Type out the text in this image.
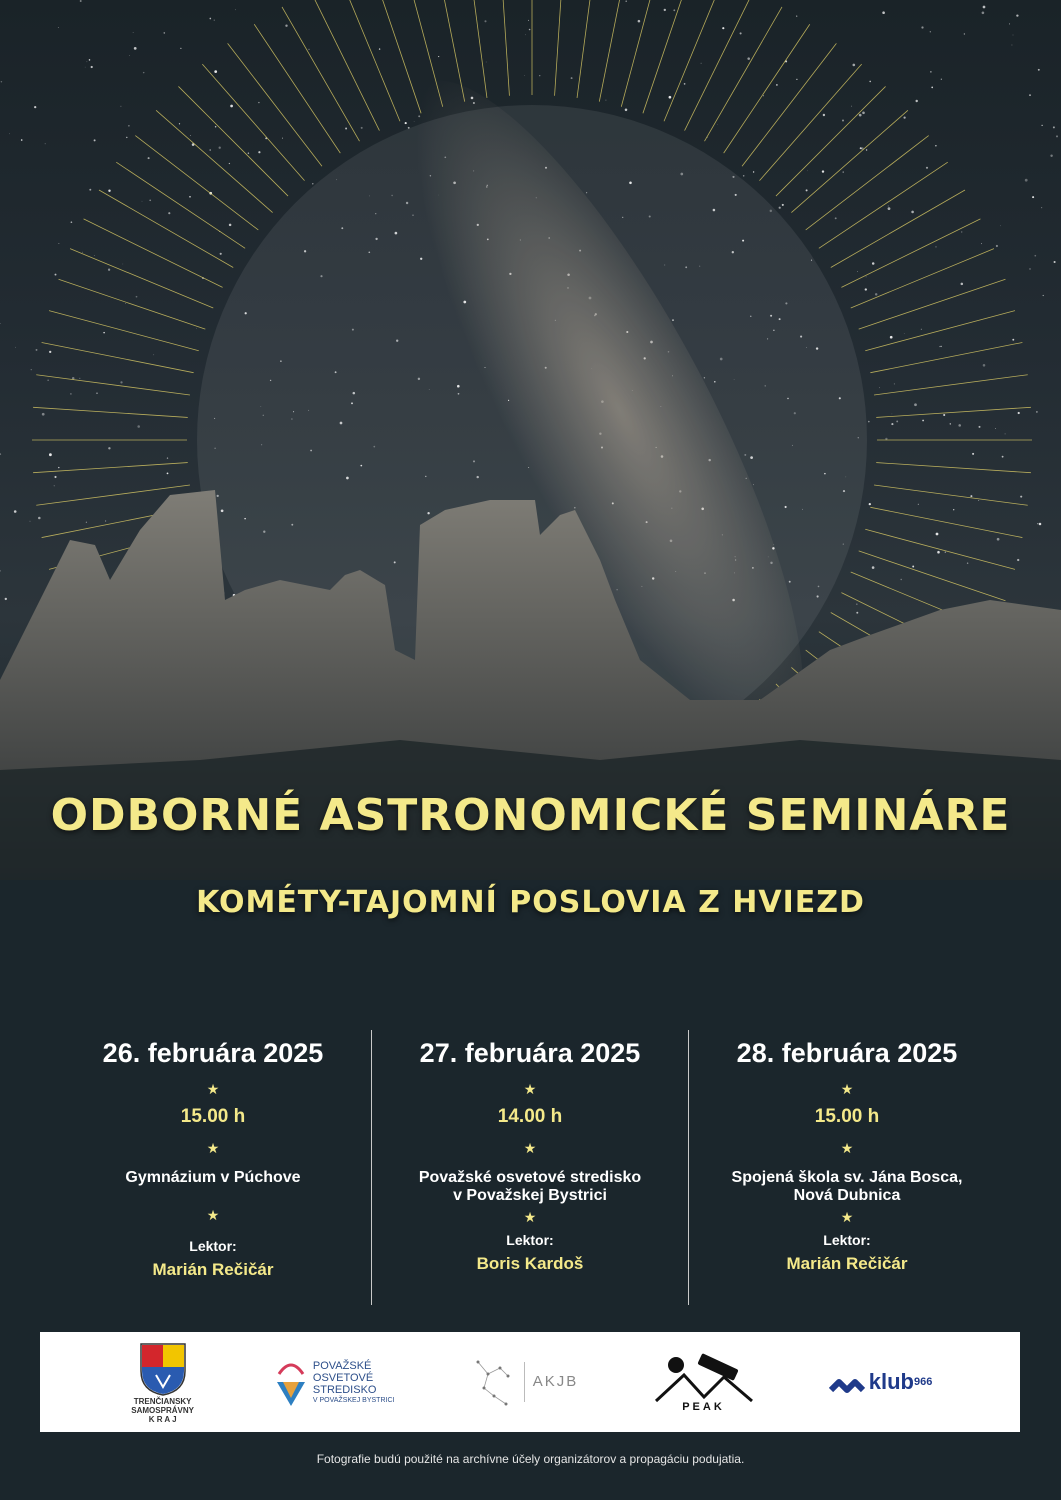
ODBORNÉ ASTRONOMICKÉ SEMINÁRE
KOMÉTY-TAJOMNÍ POSLOVIA Z HVIEZD
26. februára 2025
★
15.00 h
★
Gymnázium v Púchove
★
Lektor:
Marián Rečičár
27. februára 2025
★
14.00 h
★
Považské osvetové stredisko
v Považskej Bystrici
★
Lektor:
Boris Kardoš
28. februára 2025
★
15.00 h
★
Spojená škola sv. Jána Bosca,
Nová Dubnica
★
Lektor:
Marián Rečičár
TRENČIANSKY SAMOSPRÁVNY K R A J
POVAŽSKÉ
OSVETOVÉ
STREDISKO
V POVAŽSKEJ BYSTRICI
AKJB
PEAK
klub 966
Fotografie budú použité na archívne účely organizátorov a propagáciu podujatia.
